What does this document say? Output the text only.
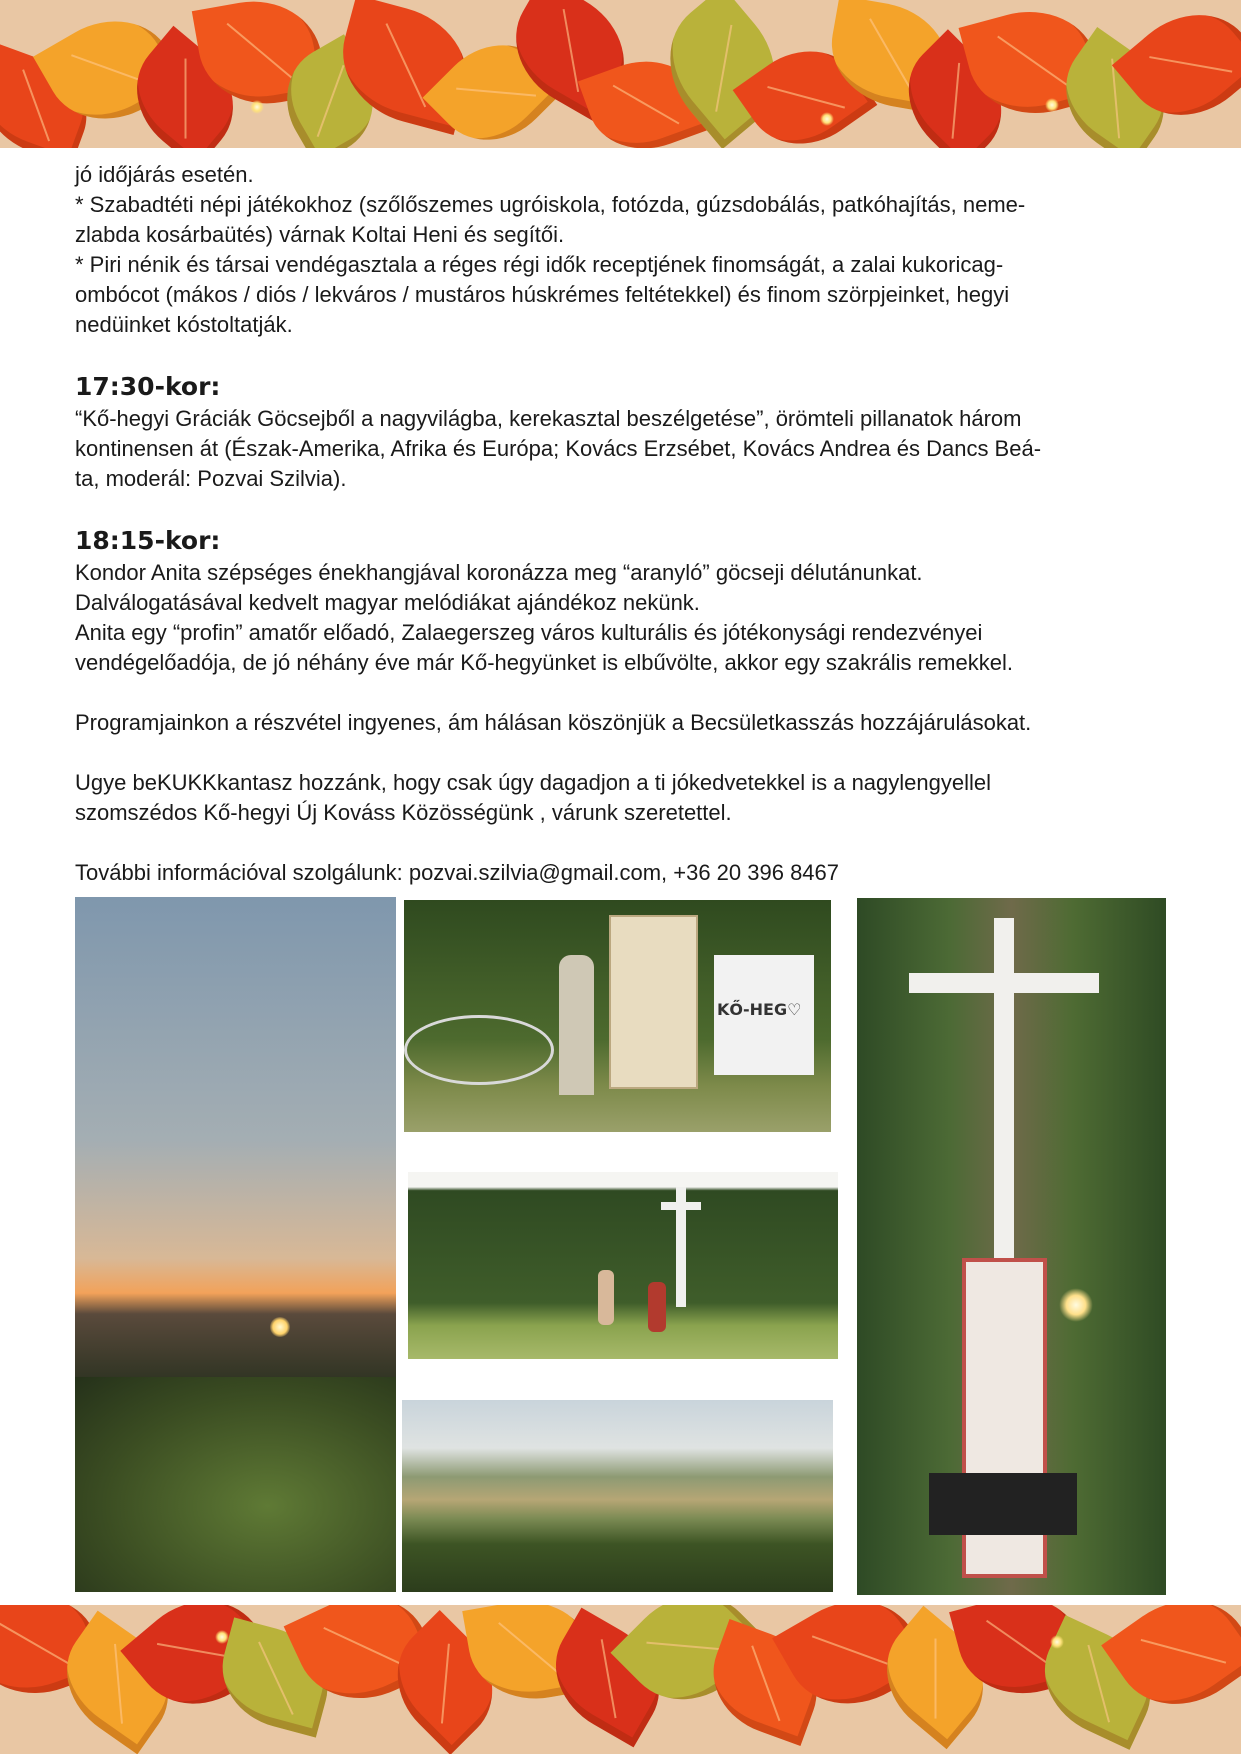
jó időjárás esetén.

* Szabadtéti népi játékokhoz (szőlőszemes ugróiskola, fotózda, gúzsdobálás, patkóhajítás, neme-

zlabda kosárbaütés) várnak Koltai Heni és segítői.

* Piri nénik és társai vendégasztala a réges régi idők receptjének finomságát, a zalai kukoricag-

ombócot (mákos / diós / lekváros / mustáros húskrémes feltétekkel) és finom szörpjeinket, hegyi

nedüinket kóstoltatják.

17:30-kor:

“Kő-hegyi Gráciák Göcsejből a nagyvilágba, kerekasztal beszélgetése”, örömteli pillanatok három

kontinensen át (Észak-Amerika, Afrika és Európa; Kovács Erzsébet, Kovács Andrea és Dancs Beá-

ta, moderál: Pozvai Szilvia).

18:15-kor:

Kondor Anita szépséges énekhangjával koronázza meg “aranyló” göcseji délutánunkat.

Dalválogatásával kedvelt magyar melódiákat ajándékoz nekünk.

Anita egy “profin” amatőr előadó, Zalaegerszeg város kulturális és jótékonysági rendezvényei

vendégelőadója, de jó néhány éve már Kő-hegyünket is elbűvölte, akkor egy szakrális remekkel.

Programjainkon a részvétel ingyenes, ám hálásan köszönjük a Becsületkasszás hozzájárulásokat.

Ugye beKUKKkantasz hozzánk, hogy csak úgy dagadjon a ti jókedvetekkel is a nagylengyellel

szomszédos Kő-hegyi Új Kováss Közösségünk , várunk szeretettel.

További információval szolgálunk: pozvai.szilvia@gmail.com, +36 20 396 8467

KŐ-HEG♡
